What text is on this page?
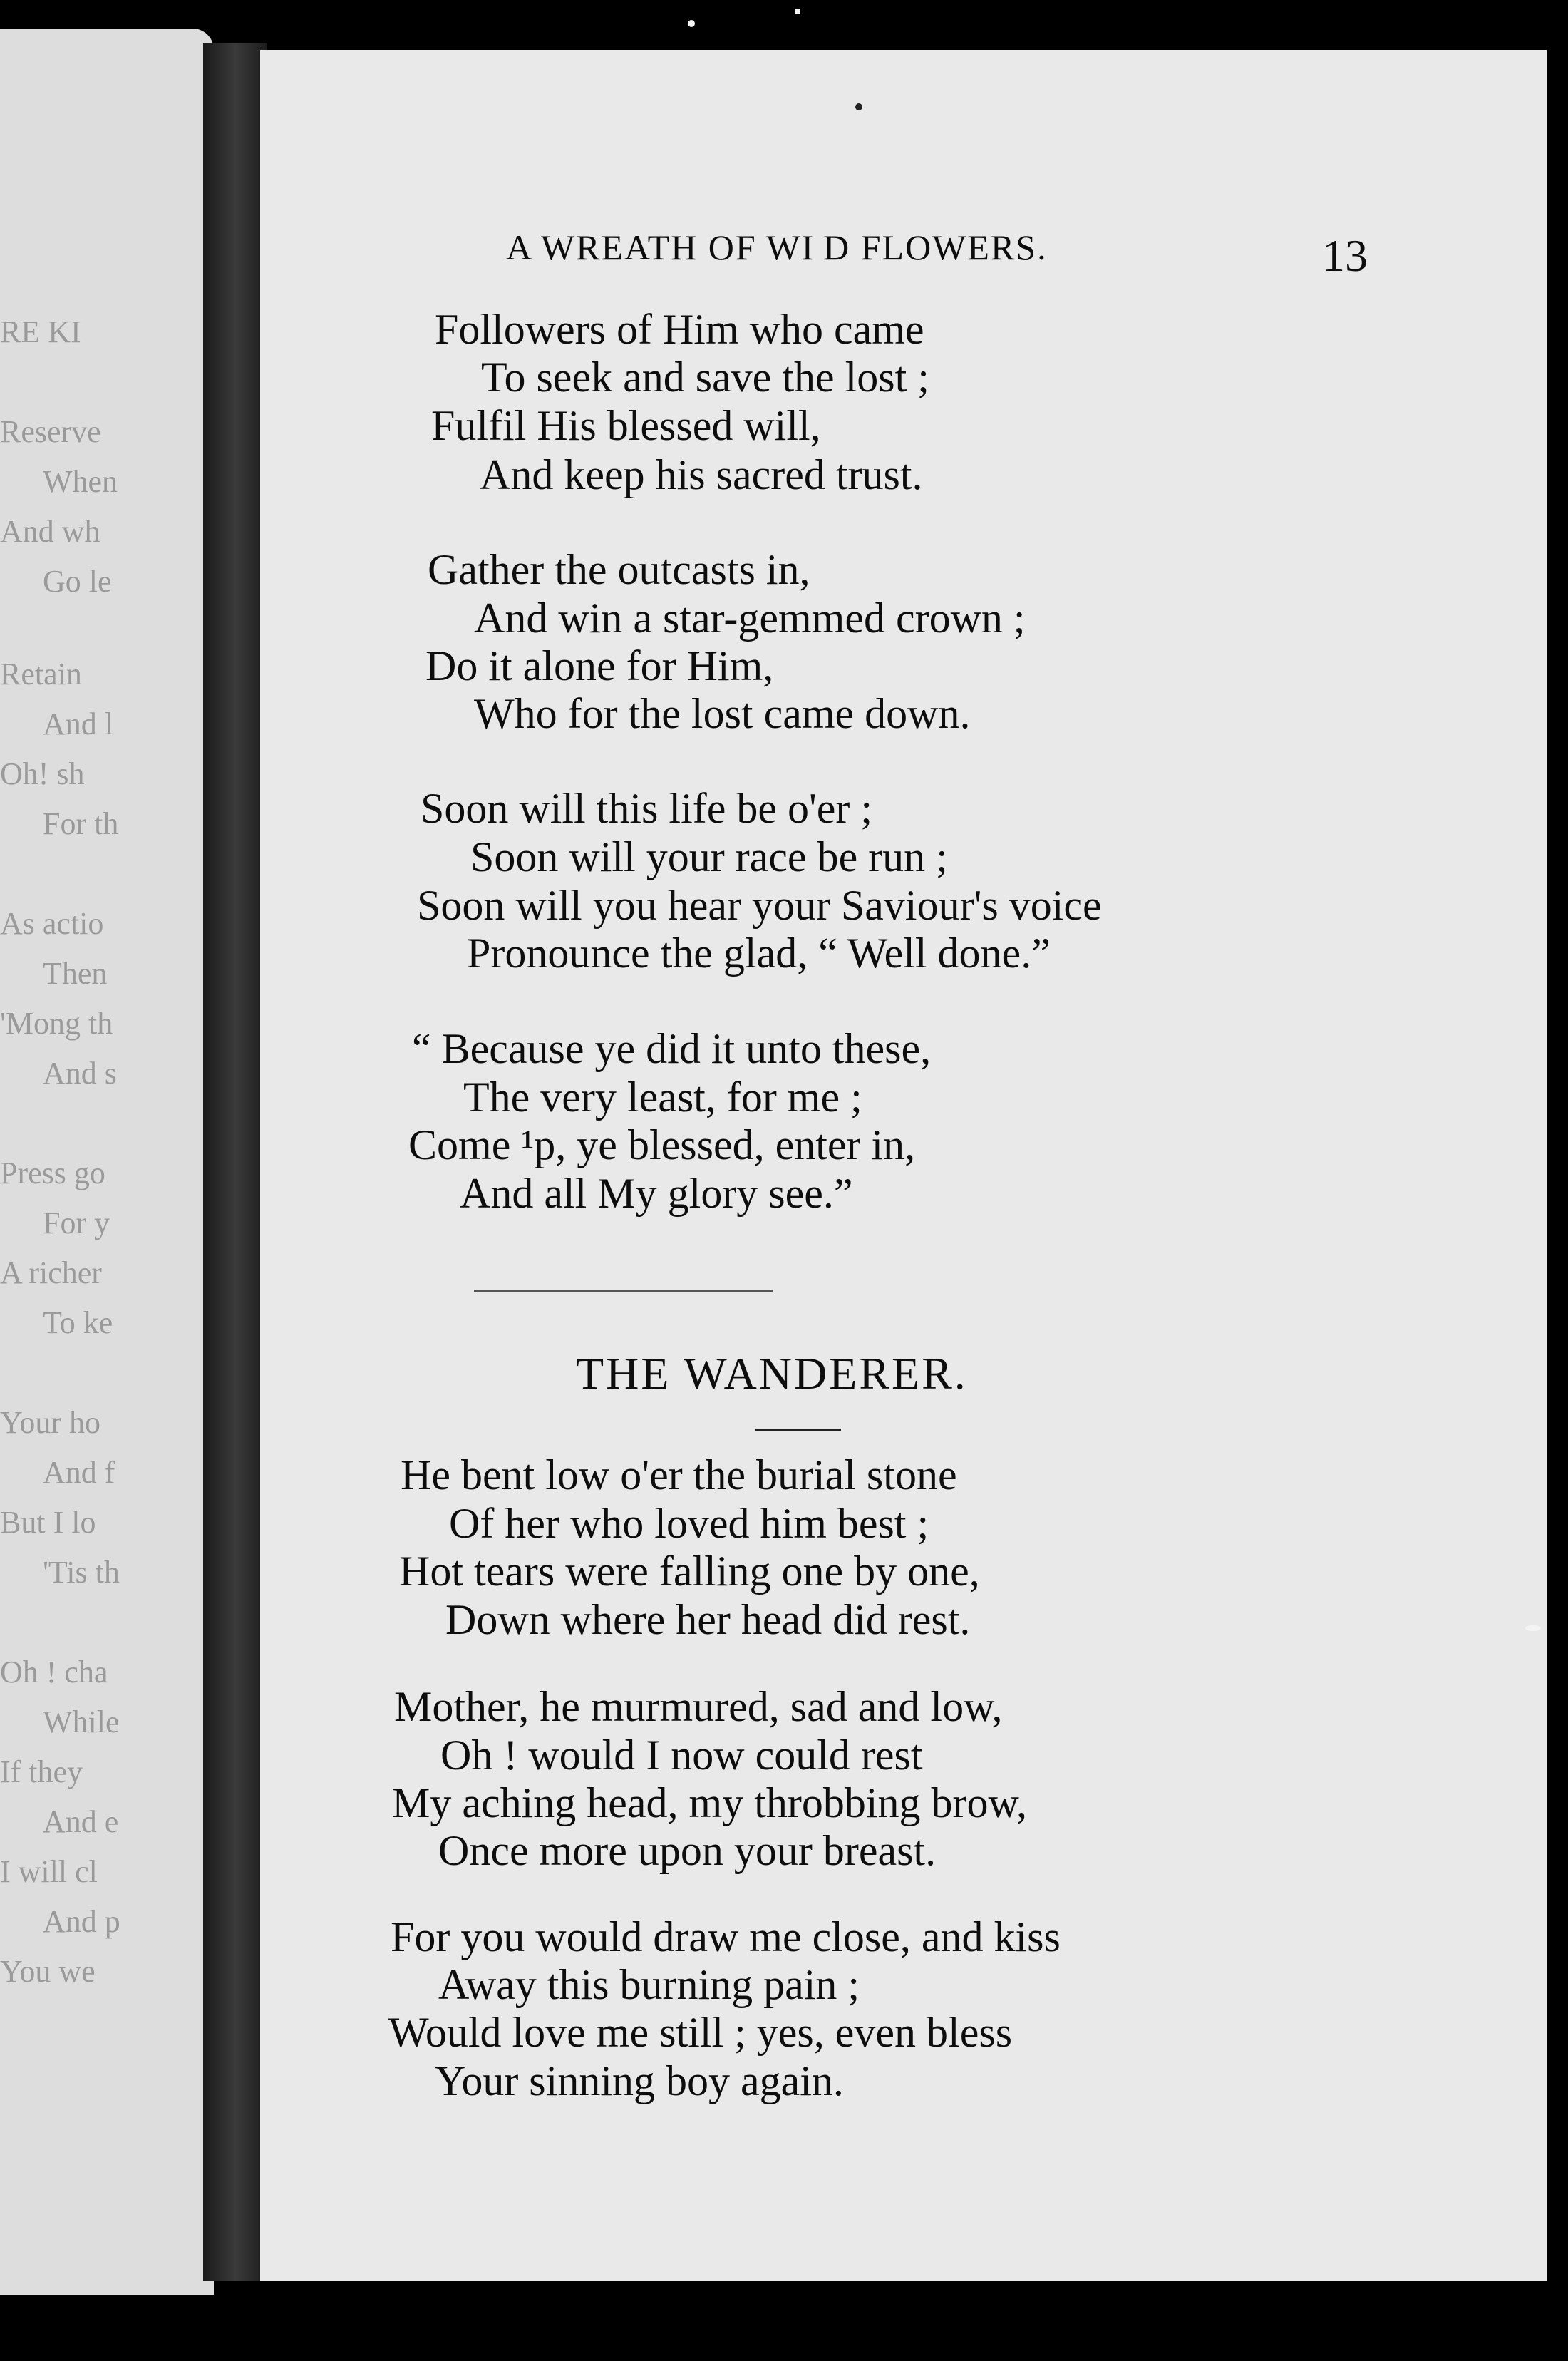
RE KI
Reserve
When
And wh
Go le
Retain
And l
Oh! sh
For th
As actio
Then
'Mong th
And s
Press go
For y
A richer
To ke
Your ho
And f
But I lo
'Tis th
Oh ! cha
While
If they
And e
I will cl
And p
You we
A WREATH OF WI D FLOWERS.	13
Followers of Him who came
To seek and save the lost ;
Fulfil His blessed will,
And keep his sacred trust.
Gather the outcasts in,
And win a star-gemmed crown ;
Do it alone for Him,
Who for the lost came down.
Soon will this life be o'er ;
Soon will your race be run ;
Soon will you hear your Saviour's voice
Pronounce the glad, “ Well done.”
“ Because ye did it unto these,
The very least, for me ;
Come ¹p, ye blessed, enter in,
And all My glory see.”
THE WANDERER.
He bent low o'er the burial stone
Of her who loved him best ;
Hot tears were falling one by one,
Down where her head did rest.
Mother, he murmured, sad and low,
Oh ! would I now could rest
My aching head, my throbbing brow,
Once more upon your breast.
For you would draw me close, and kiss
Away this burning pain ;
Would love me still ; yes, even bless
Your sinning boy again.
